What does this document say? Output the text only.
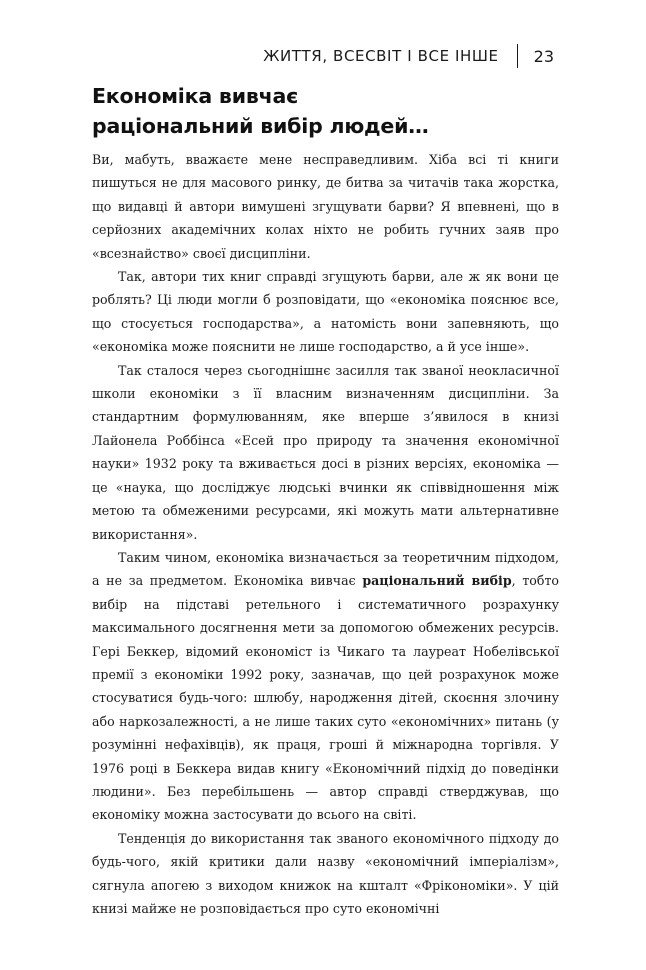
ЖИТТЯ, ВСЕСВІТ І ВСЕ ІНШЕ 23
Економіка вивчає
раціональний вибір людей…

Ви, мабуть, вважаєте мене несправедливим. Хіба всі ті книги пишуться не для масового ринку, де битва за читачів така жорстка, що видавці й автори вимушені згущувати барви? Я впевнені, що в серйозних академічних колах ніхто не робить гучних заяв про «всезнайство» своєї дисципліни.

Так, автори тих книг справді згущують барви, але ж як вони це роблять? Ці люди могли б розповідати, що «економіка пояснює все, що стосується господарства», а натомість вони запевняють, що «економіка може пояснити не лише господарство, а й усе інше».

Так сталося через сьогоднішнє засилля так званої неокласичної школи економіки з її власним визначенням дисципліни. За стандартним формулюванням, яке вперше з’явилося в книзі Лайонела Роббінса «Есей про природу та значення економічної науки» 1932 року та вживається досі в різних версіях, економіка — це «наука, що досліджує людські вчинки як співвідношення між метою та обмеженими ресурсами, які можуть мати альтернативне використання».

Таким чином, економіка визначається за теоретичним підходом, а не за предметом. Економіка вивчає раціональний вибір, тобто вибір на підставі ретельного і систематичного розрахунку максимального досягнення мети за допомогою обмежених ресурсів. Гері Беккер, відомий економіст із Чикаго та лауреат Нобелівської премії з економіки 1992 року, зазначав, що цей розрахунок може стосуватися будь-чого: шлюбу, народження дітей, скоєння злочину або наркозалежності, а не лише таких суто «економічних» питань (у розумінні нефахівців), як праця, гроші й міжнародна торгівля. У 1976 році в Беккера видав книгу «Економічний підхід до поведінки людини». Без перебільшень — автор справді стверджував, що економіку можна застосувати до всього на світі.

Тенденція до використання так званого економічного підходу до будь-чого, якій критики дали назву «економічний імперіалізм», сягнула апогею з виходом книжок на кшталт «Фрікономіки». У цій книзі майже не розповідається про суто економічні
